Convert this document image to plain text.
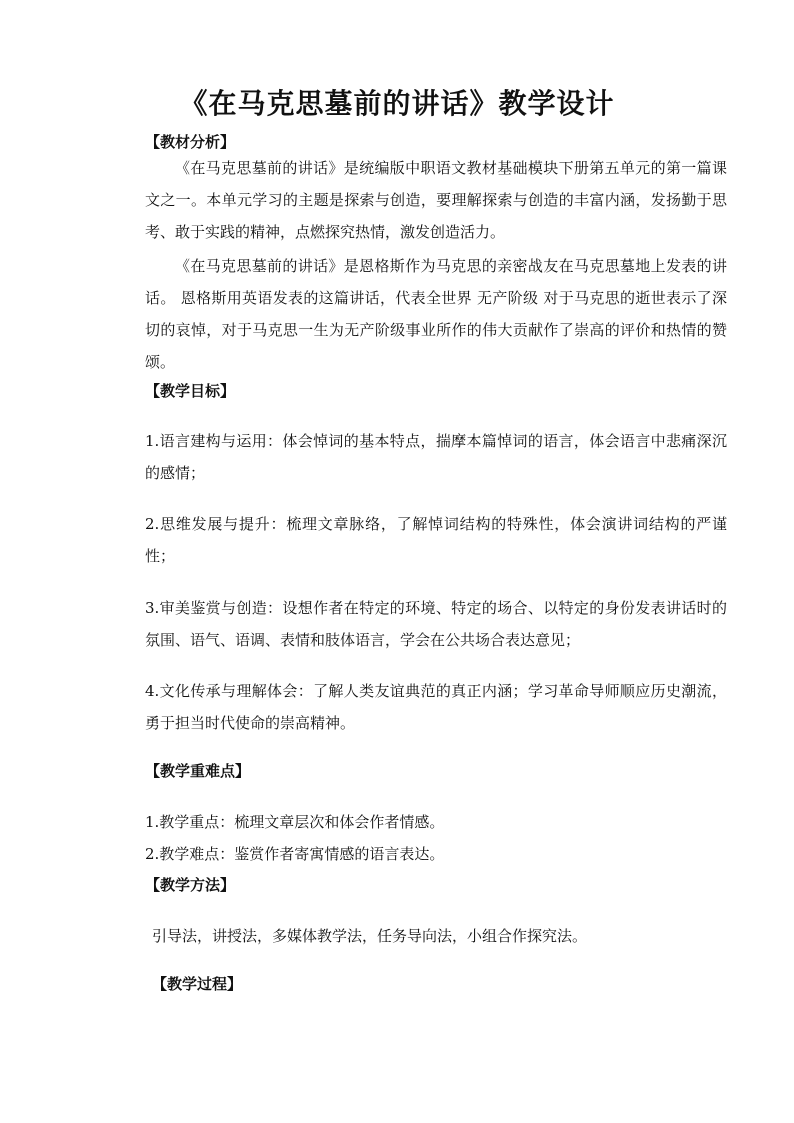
《在马克思墓前的讲话》教学设计
【教材分析】
《在马克思墓前的讲话》是统编版中职语文教材基础模块下册第五单元的第一篇课文之一。本单元学习的主题是探索与创造，要理解探索与创造的丰富内涵，发扬勤于思考、敢于实践的精神，点燃探究热情，激发创造活力。
《在马克思墓前的讲话》是恩格斯作为马克思的亲密战友在马克思墓地上发表的讲话。 恩格斯用英语发表的这篇讲话，代表全世界 无产阶级 对于马克思的逝世表示了深切的哀悼，对于马克思一生为无产阶级事业所作的伟大贡献作了崇高的评价和热情的赞颂。
【教学目标】
1.语言建构与运用：体会悼词的基本特点，揣摩本篇悼词的语言，体会语言中悲痛深沉的感情；
2.思维发展与提升：梳理文章脉络，了解悼词结构的特殊性，体会演讲词结构的严谨性；
3.审美鉴赏与创造：设想作者在特定的环境、特定的场合、以特定的身份发表讲话时的氛围、语气、语调、表情和肢体语言，学会在公共场合表达意见；
4.文化传承与理解体会：了解人类友谊典范的真正内涵；学习革命导师顺应历史潮流，勇于担当时代使命的崇高精神。
【教学重难点】
1.教学重点：梳理文章层次和体会作者情感。
2.教学难点：鉴赏作者寄寓情感的语言表达。
【教学方法】
引导法，讲授法，多媒体教学法，任务导向法，小组合作探究法。
【教学过程】
